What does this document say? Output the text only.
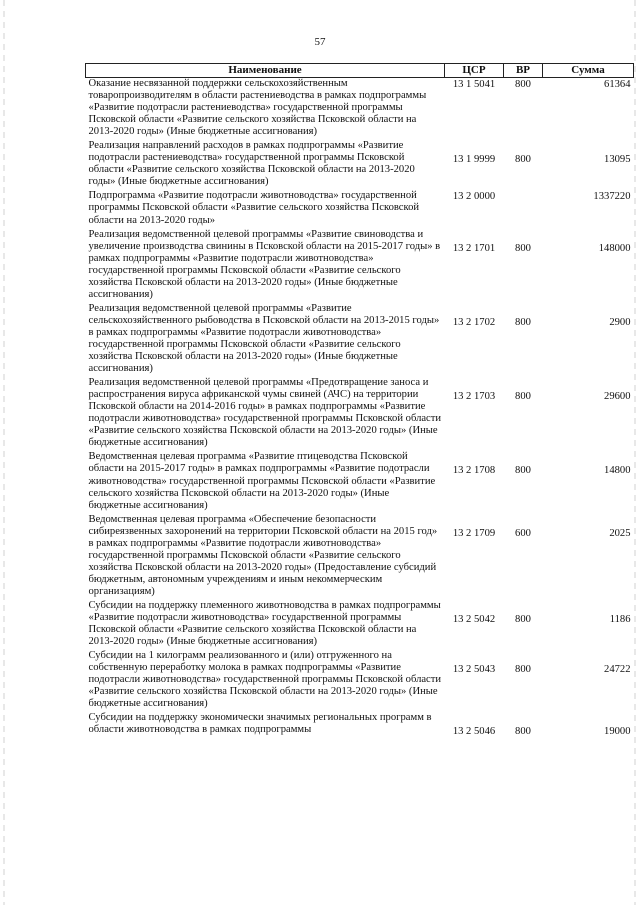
57
Наименование	ЦСР	ВР	Сумма
Оказание несвязанной поддержки сельскохозяйственным товаропроизводителям в области растениеводства в рамках подпрограммы «Развитие подотрасли растениеводства» государственной программы Псковской области «Развитие сельского хозяйства Псковской области на 2013-2020 годы» (Иные бюджетные ассигнования)	13 1 5041	800	61364
Реализация направлений расходов в рамках подпрограммы «Развитие подотрасли растениеводства» государственной программы Псковской области «Развитие сельского хозяйства Псковской области на 2013-2020 годы» (Иные бюджетные ассигнования)	13 1 9999	800	13095
Подпрограмма «Развитие подотрасли животноводства» государственной программы Псковской области «Развитие сельского хозяйства Псковской области на 2013-2020 годы»	13 2 0000		1337220
Реализация ведомственной целевой программы «Развитие свиноводства и увеличение производства свинины в Псковской области на 2015-2017 годы» в рамках подпрограммы «Развитие подотрасли животноводства» государственной программы Псковской области «Развитие сельского хозяйства Псковской области на 2013-2020 годы» (Иные бюджетные ассигнования)	13 2 1701	800	148000
Реализация ведомственной целевой программы «Развитие сельскохозяйственного рыбоводства в Псковской области на 2013-2015 годы» в рамках подпрограммы «Развитие подотрасли животноводства» государственной программы Псковской области «Развитие сельского хозяйства Псковской области на 2013-2020 годы» (Иные бюджетные ассигнования)	13 2 1702	800	2900
Реализация ведомственной целевой программы «Предотвращение заноса и распространения вируса африканской чумы свиней (АЧС) на территории Псковской области на 2014-2016 годы» в рамках подпрограммы «Развитие подотрасли животноводства» государственной программы Псковской области «Развитие сельского хозяйства Псковской области на 2013-2020 годы» (Иные бюджетные ассигнования)	13 2 1703	800	29600
Ведомственная целевая программа «Развитие птицеводства Псковской области на 2015-2017 годы» в рамках подпрограммы «Развитие подотрасли животноводства» государственной программы Псковской области «Развитие сельского хозяйства Псковской области на 2013-2020 годы» (Иные бюджетные ассигнования)	13 2 1708	800	14800
Ведомственная целевая программа «Обеспечение безопасности сибиреязвенных захоронений на территории Псковской области на 2015 год» в рамках подпрограммы «Развитие подотрасли животноводства» государственной программы Псковской области «Развитие сельского хозяйства Псковской области на 2013-2020 годы» (Предоставление субсидий бюджетным, автономным учреждениям и иным некоммерческим организациям)	13 2 1709	600	2025
Субсидии на поддержку племенного животноводства в рамках подпрограммы «Развитие подотрасли животноводства» государственной программы Псковской области «Развитие сельского хозяйства Псковской области на 2013-2020 годы» (Иные бюджетные ассигнования)	13 2 5042	800	1186
Субсидии на 1 килограмм реализованного и (или) отгруженного на собственную переработку молока в рамках подпрограммы «Развитие подотрасли животноводства» государственной программы Псковской области «Развитие сельского хозяйства Псковской области на 2013-2020 годы» (Иные бюджетные ассигнования)	13 2 5043	800	24722
Субсидии на поддержку экономически значимых региональных программ в области животноводства в рамках подпрограммы	13 2 5046	800	19000
